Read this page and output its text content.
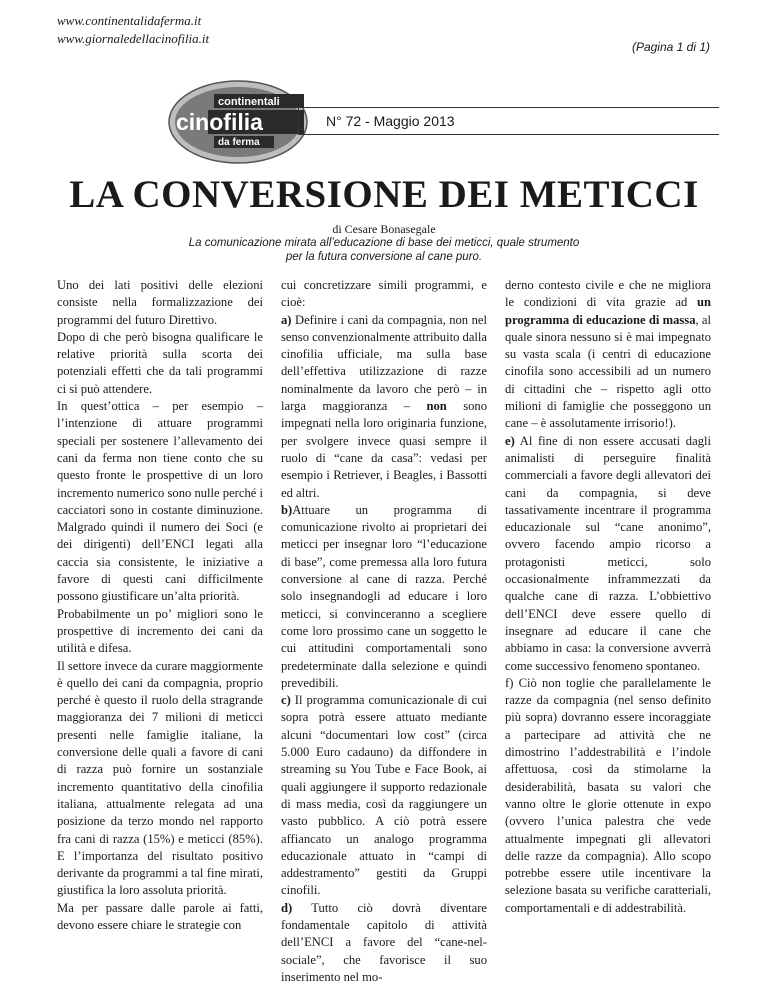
www.continentalidaferma.it
www.giornaledellacinofilia.it
(Pagina 1 di 1)
continentali
cinofilia
da ferma
N° 72 - Maggio 2013
LA CONVERSIONE DEI METICCI
di Cesare Bonasegale
La comunicazione mirata all’educazione di base dei meticci, quale strumento
per la futura conversione al cane puro.

Uno dei lati positivi delle elezioni consiste nella formalizzazione dei programmi del futuro Direttivo.

Dopo di che però bisogna qualificare le relative priorità sulla scorta dei potenziali effetti che da tali programmi ci si può attendere.

In quest’ottica – per esempio – l’intenzione di attuare programmi speciali per sostenere l’allevamento dei cani da ferma non tiene conto che su questo fronte le prospettive di un loro incremento numerico sono nulle perché i cacciatori sono in costante diminuzione. Malgrado quindi il numero dei Soci (e dei dirigenti) dell’ENCI legati alla caccia sia consistente, le iniziative a favore di questi cani difficilmente possono giustificare un’alta priorità.

Probabilmente un po’ migliori sono le prospettive di incremento dei cani da utilità e difesa.

Il settore invece da curare maggiormente è quello dei cani da compagnia, proprio perché è questo il ruolo della stragrande maggioranza dei 7 milioni di meticci presenti nelle famiglie italiane, la conversione delle quali a favore di cani di razza può fornire un sostanziale incremento quantitativo della cinofilia italiana, attualmente relegata ad una posizione da terzo mondo nel rapporto fra cani di razza (15%) e meticci (85%). E l’importanza del risultato positivo derivante da programmi a tal fine mirati, giustifica la loro assoluta priorità.

Ma per passare dalle parole ai fatti, devono essere chiare le strategie con

cui concretizzare simili programmi, e cioè:

a) Definire i cani da compagnia, non nel senso convenzionalmente attribuito dalla cinofilia ufficiale, ma sulla base dell’effettiva utilizzazione di razze nominalmente da lavoro che però – in larga maggioranza – non sono impegnati nella loro originaria funzione, per svolgere invece quasi sempre il ruolo di “cane da casa”: vedasi per esempio i Retriever, i Beagles, i Bassotti ed altri.

b)Attuare un programma di comunicazione rivolto ai proprietari dei meticci per insegnar loro “l’educazione di base”, come premessa alla loro futura conversione al cane di razza. Perché solo insegnandogli ad educare i loro meticci, si convinceranno a scegliere come loro prossimo cane un soggetto le cui attitudini comportamentali sono predeterminate dalla selezione e quindi prevedibili.

c) Il programma comunicazionale di cui sopra potrà essere attuato mediante alcuni “documentari low cost” (circa 5.000 Euro cadauno) da diffondere in streaming su You Tube e Face Book, ai quali aggiungere il supporto redazionale di mass media, così da raggiungere un vasto pubblico. A ciò potrà essere affiancato un analogo programma educazionale attuato in “campi di addestramento” gestiti da Gruppi cinofili.

d) Tutto ciò dovrà diventare fondamentale capitolo di attività dell’ENCI a favore del “cane-nel-sociale”, che favorisce il suo inserimento nel mo-

derno contesto civile e che ne migliora le condizioni di vita grazie ad un programma di educazione di massa, al quale sinora nessuno si è mai impegnato su vasta scala (i centri di educazione cinofila sono accessibili ad un numero di cittadini che – rispetto agli otto milioni di famiglie che posseggono un cane – è assolutamente irrisorio!).

e) Al fine di non essere accusati dagli animalisti di perseguire finalità commerciali a favore degli allevatori dei cani da compagnia, si deve tassativamente incentrare il programma educazionale sul “cane anonimo”, ovvero facendo ampio ricorso a protagonisti meticci, solo occasionalmente inframmezzati da qualche cane di razza. L’obbiettivo dell’ENCI deve essere quello di insegnare ad educare il cane che abbiamo in casa: la conversione avverrà come successivo fenomeno spontaneo.

f) Ciò non toglie che parallelamente le razze da compagnia (nel senso definito più sopra) dovranno essere incoraggiate a partecipare ad attività che ne dimostrino l’addestrabilità e l’indole affettuosa, così da stimolarne la desiderabilità, basata su valori che vanno oltre le glorie ottenute in expo (ovvero l’unica palestra che vede attualmente impegnati gli allevatori delle razze da compagnia). Allo scopo potrebbe essere utile incentivare la selezione basata su verifiche caratteriali, comportamentali e di addestrabilità.
